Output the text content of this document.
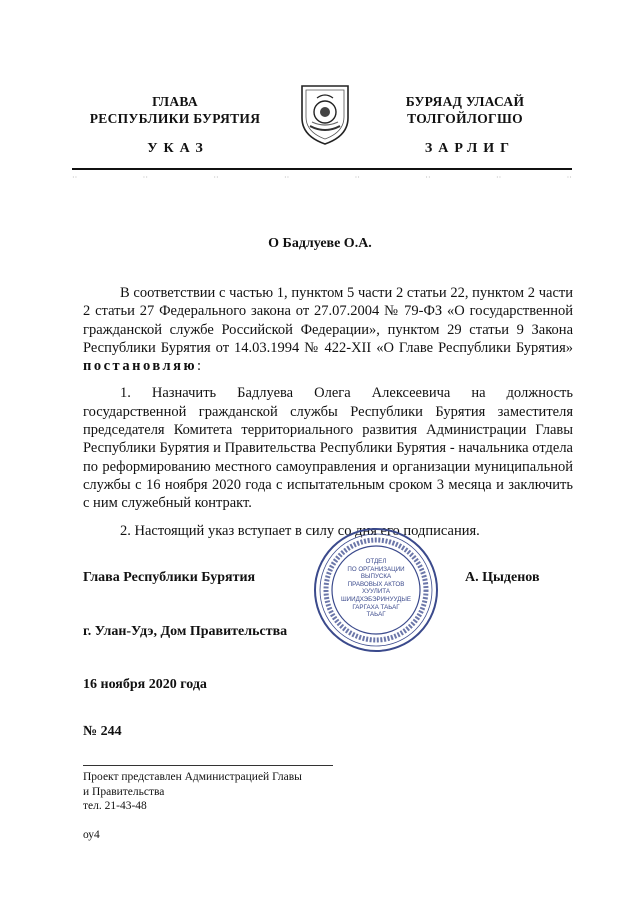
ГЛАВА
РЕСПУБЛИКИ БУРЯТИЯ
УКАЗ
БУРЯАД УЛАСАЙ
ТОЛГОЙЛОГШО
ЗАРЛИГ
··	··	··	··	··	··	··	··
О Бадлуеве О.А.

В соответствии с частью 1, пунктом 5 части 2 статьи 22, пунктом 2 части 2 статьи 27 Федерального закона от 27.07.2004 № 79-ФЗ «О государственной гражданской службе Российской Федерации», пунктом 29 статьи 9 Закона Республики Бурятия от 14.03.1994 № 422-XII «О Главе Республики Бурятия» постановляю:

1. Назначить Бадлуева Олега Алексеевича на должность государственной гражданской службы Республики Бурятия заместителя председателя Комитета территориального развития Администрации Главы Республики Бурятия и Правительства Республики Бурятия - начальника отдела по реформированию местного самоуправления и организации муниципальной службы с 16 ноября 2020 года с испытательным сроком 3 месяца и заключить с ним служебный контракт.

2. Настоящий указ вступает в силу со дня его подписания.

Глава Республики Бурятия	А. Цыденов
г. Улан-Удэ, Дом Правительства
16 ноября 2020 года
№ 244
ОТДЕЛ
ПО ОРГАНИЗАЦИИ
ВЫПУСКА
ПРАВОВЫХ АКТОВ
ХУУЛИТА
ШИИДХЭБЭРИНУУДЫЕ
ГАРГАХА ТАЬАГ
ТАЬАГ
Проект представлен Администрацией Главы
и Правительства
тел. 21-43-48
оу4
